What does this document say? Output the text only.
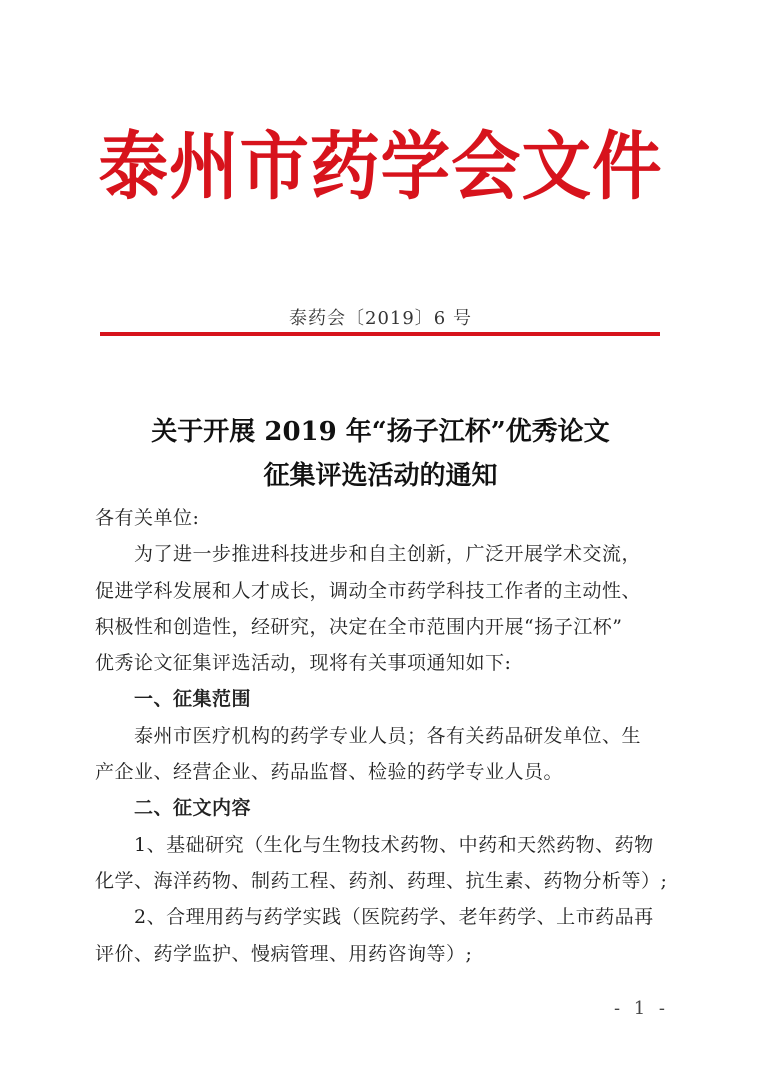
泰州市药学会文件
泰药会〔2019〕6 号
关于开展 2019 年“扬子江杯”优秀论文
征集评选活动的通知

各有关单位:

为了进一步推进科技进步和自主创新，广泛开展学术交流，

促进学科发展和人才成长，调动全市药学科技工作者的主动性、

积极性和创造性，经研究，决定在全市范围内开展“扬子江杯”

优秀论文征集评选活动，现将有关事项通知如下:

一、征集范围

泰州市医疗机构的药学专业人员；各有关药品研发单位、生

产企业、经营企业、药品监督、检验的药学专业人员。

二、征文内容

1、基础研究（生化与生物技术药物、中药和天然药物、药物

化学、海洋药物、制药工程、药剂、药理、抗生素、药物分析等）;

2、合理用药与药学实践（医院药学、老年药学、上市药品再

评价、药学监护、慢病管理、用药咨询等）;

- 1 -
